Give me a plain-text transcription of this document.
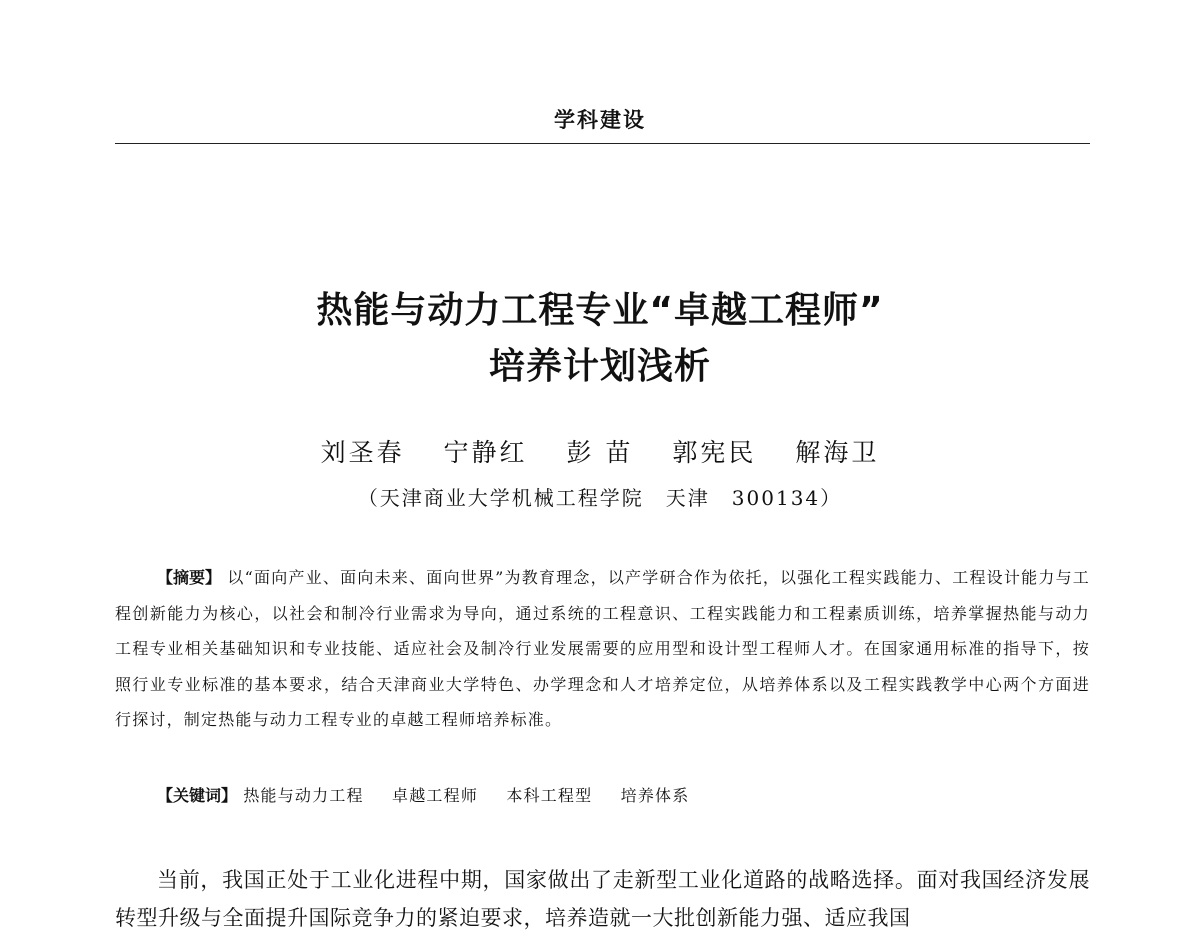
学科建设
热能与动力工程专业“卓越工程师”
培养计划浅析
刘圣春 宁静红 彭 苗 郭宪民 解海卫
（天津商业大学机械工程学院　天津　300134）
【摘要】 以“面向产业、面向未来、面向世界”为教育理念，以产学研合作为依托，以强化工程实践能力、工程设计能力与工程创新能力为核心，以社会和制冷行业需求为导向，通过系统的工程意识、工程实践能力和工程素质训练，培养掌握热能与动力工程专业相关基础知识和专业技能、适应社会及制冷行业发展需要的应用型和设计型工程师人才。在国家通用标准的指导下，按照行业专业标准的基本要求，结合天津商业大学特色、办学理念和人才培养定位，从培养体系以及工程实践教学中心两个方面进行探讨，制定热能与动力工程专业的卓越工程师培养标准。
【关键词】 热能与动力工程 卓越工程师 本科工程型 培养体系
当前，我国正处于工业化进程中期，国家做出了走新型工业化道路的战略选择。面对我国经济发展转型升级与全面提升国际竞争力的紧迫要求，培养造就一大批创新能力强、适应我国
